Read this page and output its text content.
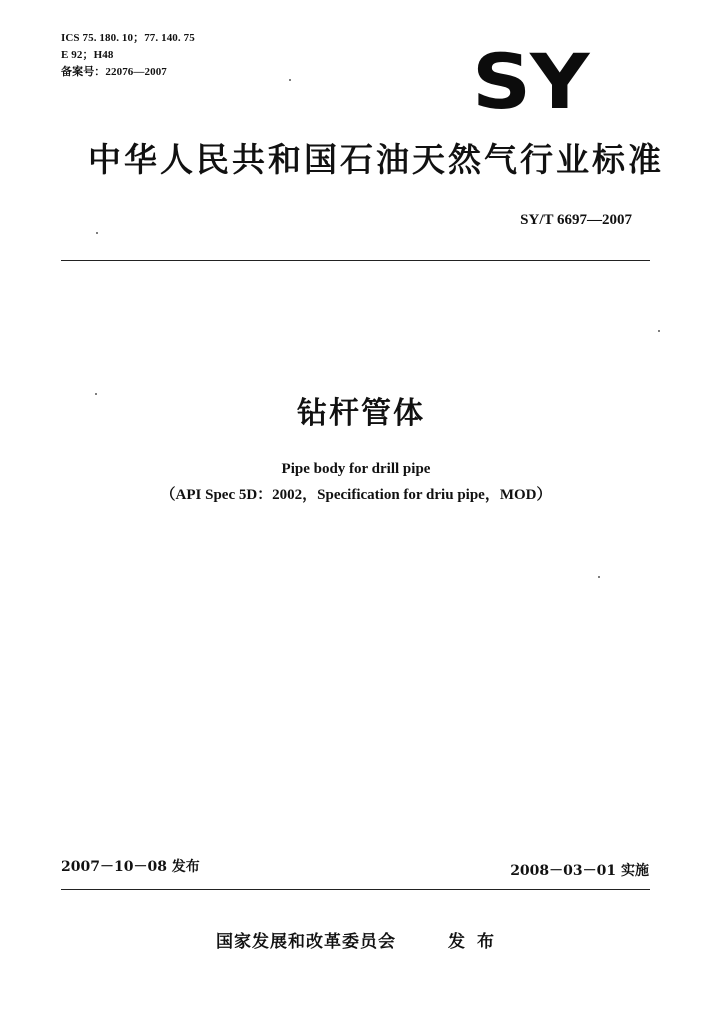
ICS 75. 180. 10；77. 140. 75
E 92；H48
备案号：22076—2007	SY
中华人民共和国石油天然气行业标准
SY/T 6697—2007
钻杆管体
Pipe body for drill pipe
（API Spec 5D：2002，Specification for driu pipe，MOD）
2007－10－08 发布	2008－03－01 实施
国家发展和改革委员会	发布
